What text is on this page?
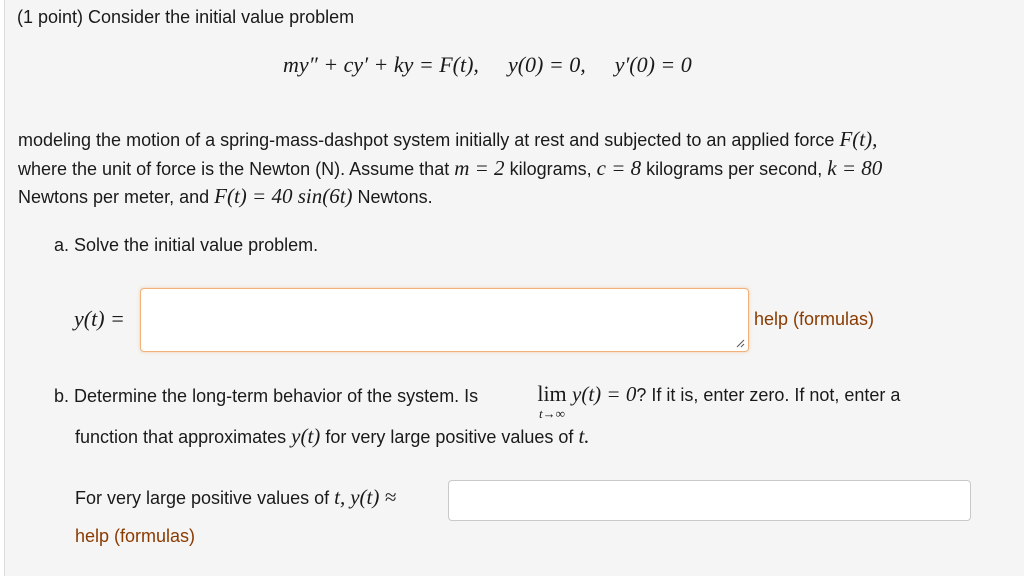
(1 point) Consider the initial value problem
my″ + cy′ + ky = F(t), y(0) = 0, y′(0) = 0
modeling the motion of a spring-mass-dashpot system initially at rest and subjected to an applied force F(t),
where the unit of force is the Newton (N). Assume that m = 2 kilograms, c = 8 kilograms per second, k = 80
Newtons per meter, and F(t) = 40 sin(6t) Newtons.
a. Solve the initial value problem.
y(t) =	help (formulas)
b. Determine the long-term behavior of the system. Is	lim
t→∞
y(t) = 0? If it is, enter zero. If not, enter a
function that approximates y(t) for very large positive values of t.
For very large positive values of t, y(t) ≈
help (formulas)
